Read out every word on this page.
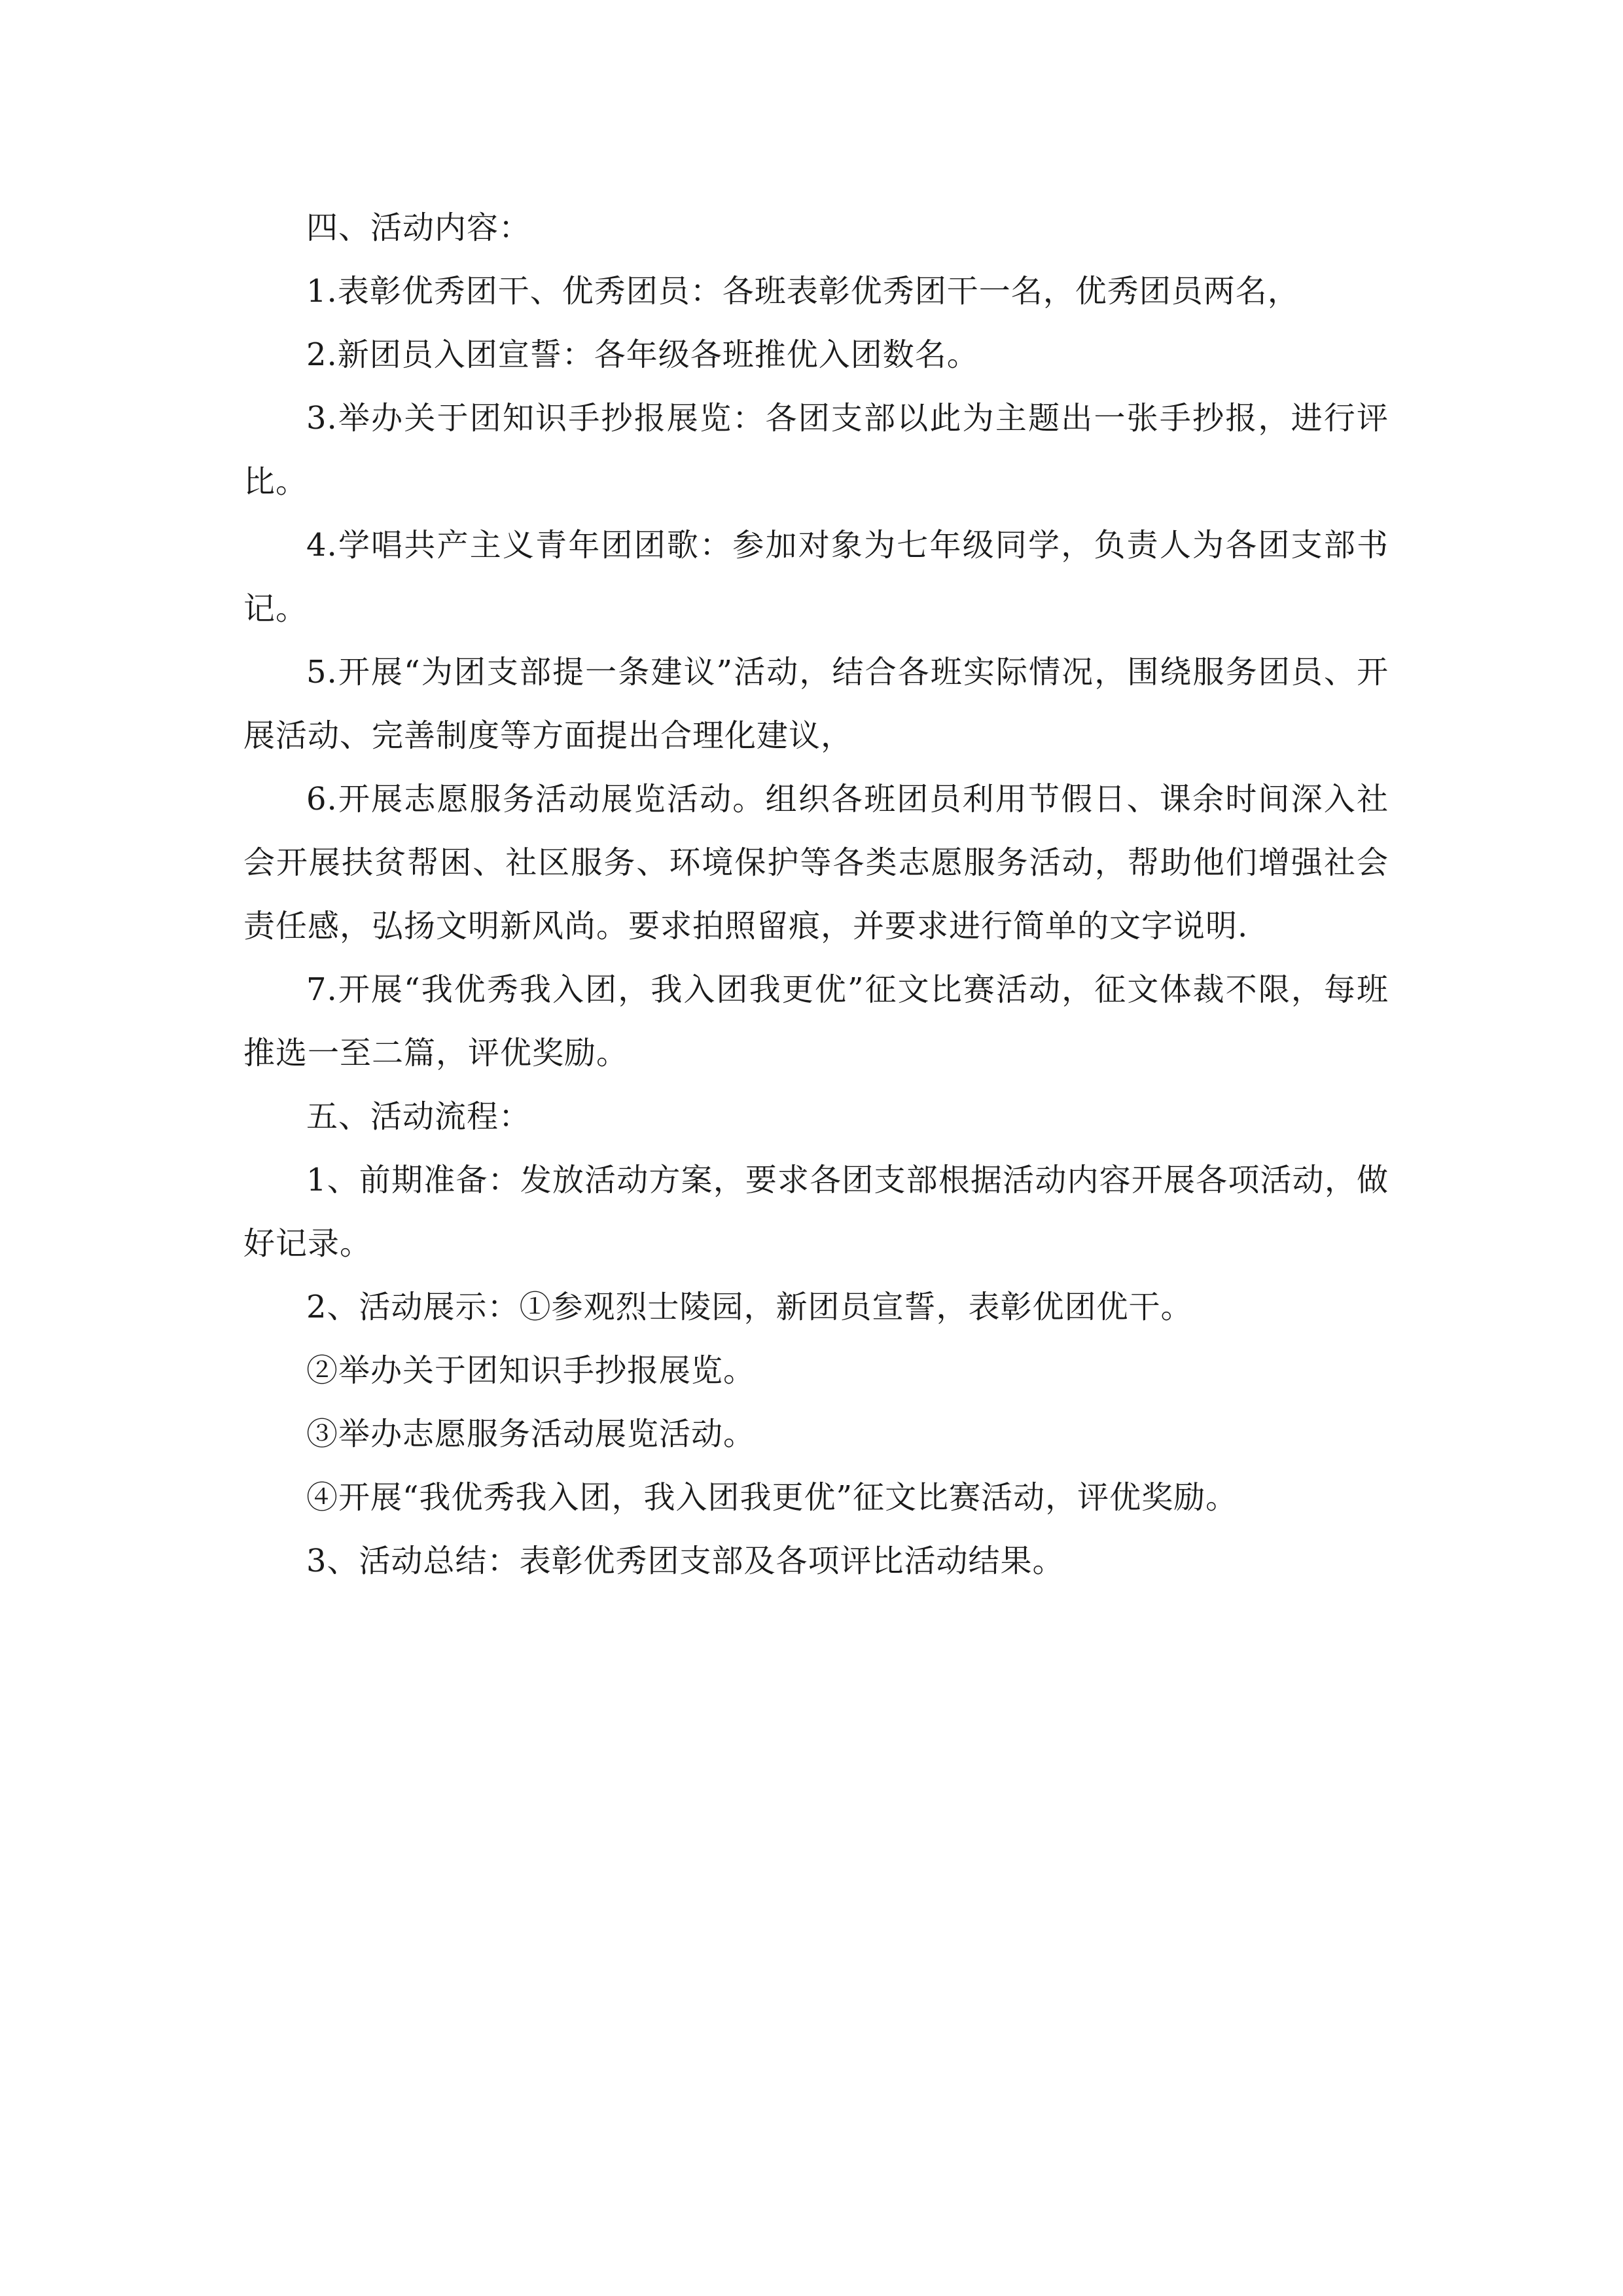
四、活动内容：

1.表彰优秀团干、优秀团员：各班表彰优秀团干一名，优秀团员两名，

2.新团员入团宣誓：各年级各班推优入团数名。

3.举办关于团知识手抄报展览：各团支部以此为主题出一张手抄报，进行评比。

4.学唱共产主义青年团团歌：参加对象为七年级同学，负责人为各团支部书记。

5.开展“为团支部提一条建议”活动，结合各班实际情况，围绕服务团员、开展活动、完善制度等方面提出合理化建议，

6.开展志愿服务活动展览活动。组织各班团员利用节假日、课余时间深入社会开展扶贫帮困、社区服务、环境保护等各类志愿服务活动，帮助他们增强社会责任感，弘扬文明新风尚。要求拍照留痕，并要求进行简单的文字说明.

7.开展“我优秀我入团，我入团我更优”征文比赛活动，征文体裁不限，每班推选一至二篇，评优奖励。

五、活动流程：

1、前期准备：发放活动方案，要求各团支部根据活动内容开展各项活动，做好记录。

2、活动展示：①参观烈士陵园，新团员宣誓，表彰优团优干。

②举办关于团知识手抄报展览。

③举办志愿服务活动展览活动。

④开展“我优秀我入团，我入团我更优”征文比赛活动，评优奖励。

3、活动总结：表彰优秀团支部及各项评比活动结果。
